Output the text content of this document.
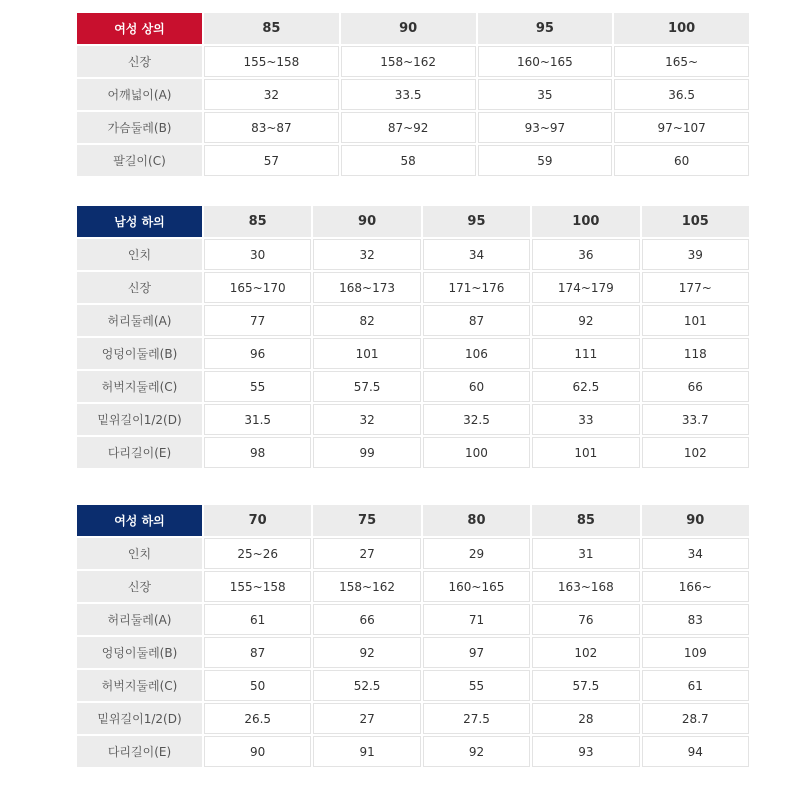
여성 상의	85	90	95	100
신장	155~158	158~162	160~165	165~
어깨넓이(A)	32	33.5	35	36.5
가슴둘레(B)	83~87	87~92	93~97	97~107
팔길이(C)	57	58	59	60
남성 하의	85	90	95	100	105
인치	30	32	34	36	39
신장	165~170	168~173	171~176	174~179	177~
허리둘레(A)	77	82	87	92	101
엉덩이둘레(B)	96	101	106	111	118
허벅지둘레(C)	55	57.5	60	62.5	66
밑위길이1/2(D)	31.5	32	32.5	33	33.7
다리길이(E)	98	99	100	101	102
여성 하의	70	75	80	85	90
인치	25~26	27	29	31	34
신장	155~158	158~162	160~165	163~168	166~
허리둘레(A)	61	66	71	76	83
엉덩이둘레(B)	87	92	97	102	109
허벅지둘레(C)	50	52.5	55	57.5	61
밑위길이1/2(D)	26.5	27	27.5	28	28.7
다리길이(E)	90	91	92	93	94
